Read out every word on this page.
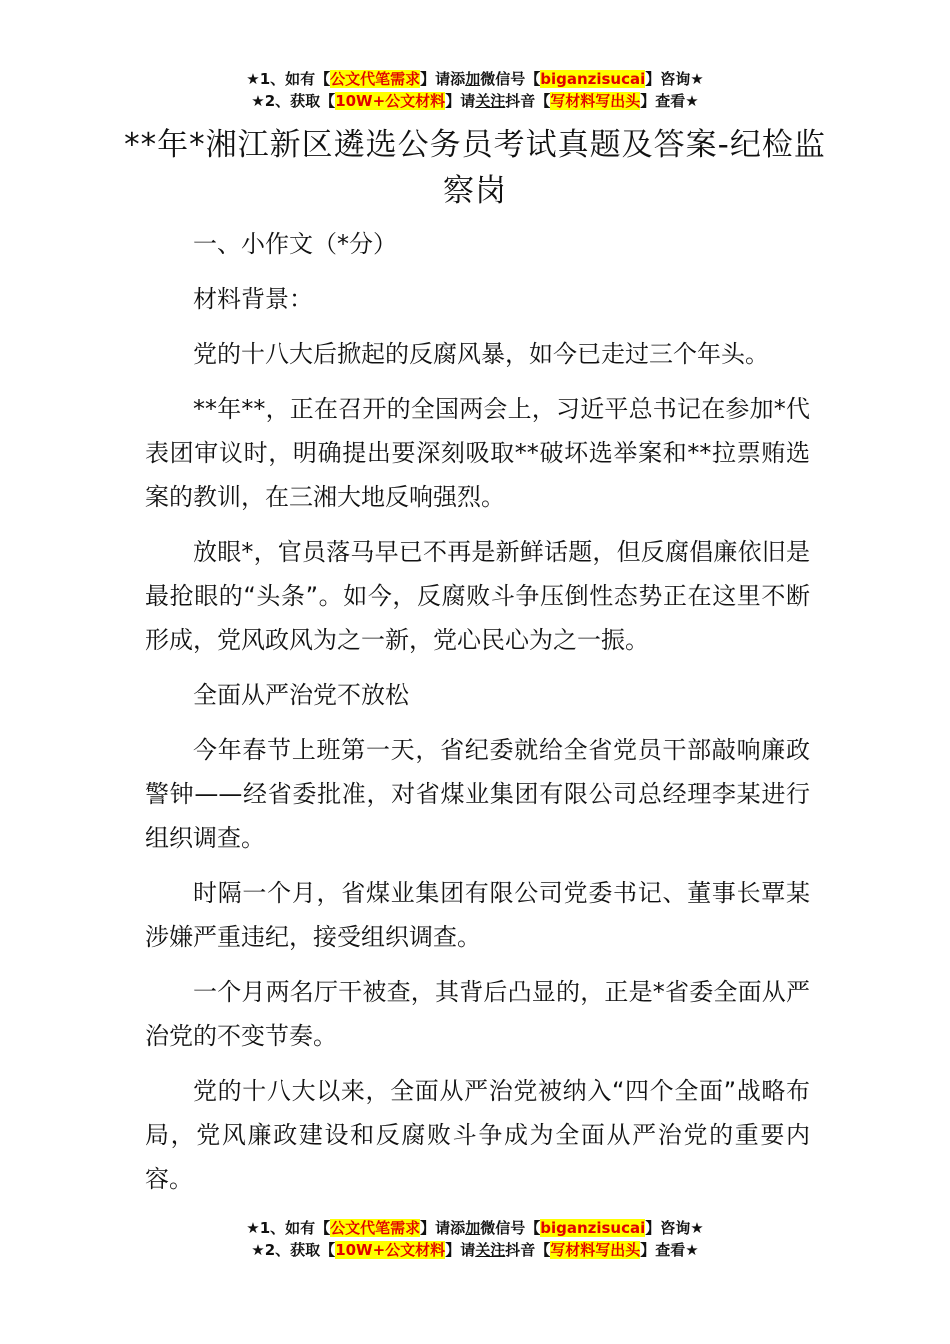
★1、如有【公文代笔需求】请添加微信号【biganzisucai】咨询★
★2、获取【10W+公文材料】请关注抖音【写材料写出头】查看★
**年*湘江新区遴选公务员考试真题及答案-纪检监察岗

一、小作文（*分）

材料背景：

党的十八大后掀起的反腐风暴，如今已走过三个年头。

**年**，正在召开的全国两会上，习近平总书记在参加*代表团审议时，明确提出要深刻吸取**破坏选举案和**拉票贿选案的教训，在三湘大地反响强烈。

放眼*，官员落马早已不再是新鲜话题，但反腐倡廉依旧是最抢眼的“头条”。如今，反腐败斗争压倒性态势正在这里不断形成，党风政风为之一新，党心民心为之一振。

全面从严治党不放松

今年春节上班第一天，省纪委就给全省党员干部敲响廉政警钟——经省委批准，对省煤业集团有限公司总经理李某进行组织调查。

时隔一个月，省煤业集团有限公司党委书记、董事长覃某涉嫌严重违纪，接受组织调查。

一个月两名厅干被查，其背后凸显的，正是*省委全面从严治党的不变节奏。

党的十八大以来，全面从严治党被纳入“四个全面”战略布局，党风廉政建设和反腐败斗争成为全面从严治党的重要内容。

★1、如有【公文代笔需求】请添加微信号【biganzisucai】咨询★
★2、获取【10W+公文材料】请关注抖音【写材料写出头】查看★
